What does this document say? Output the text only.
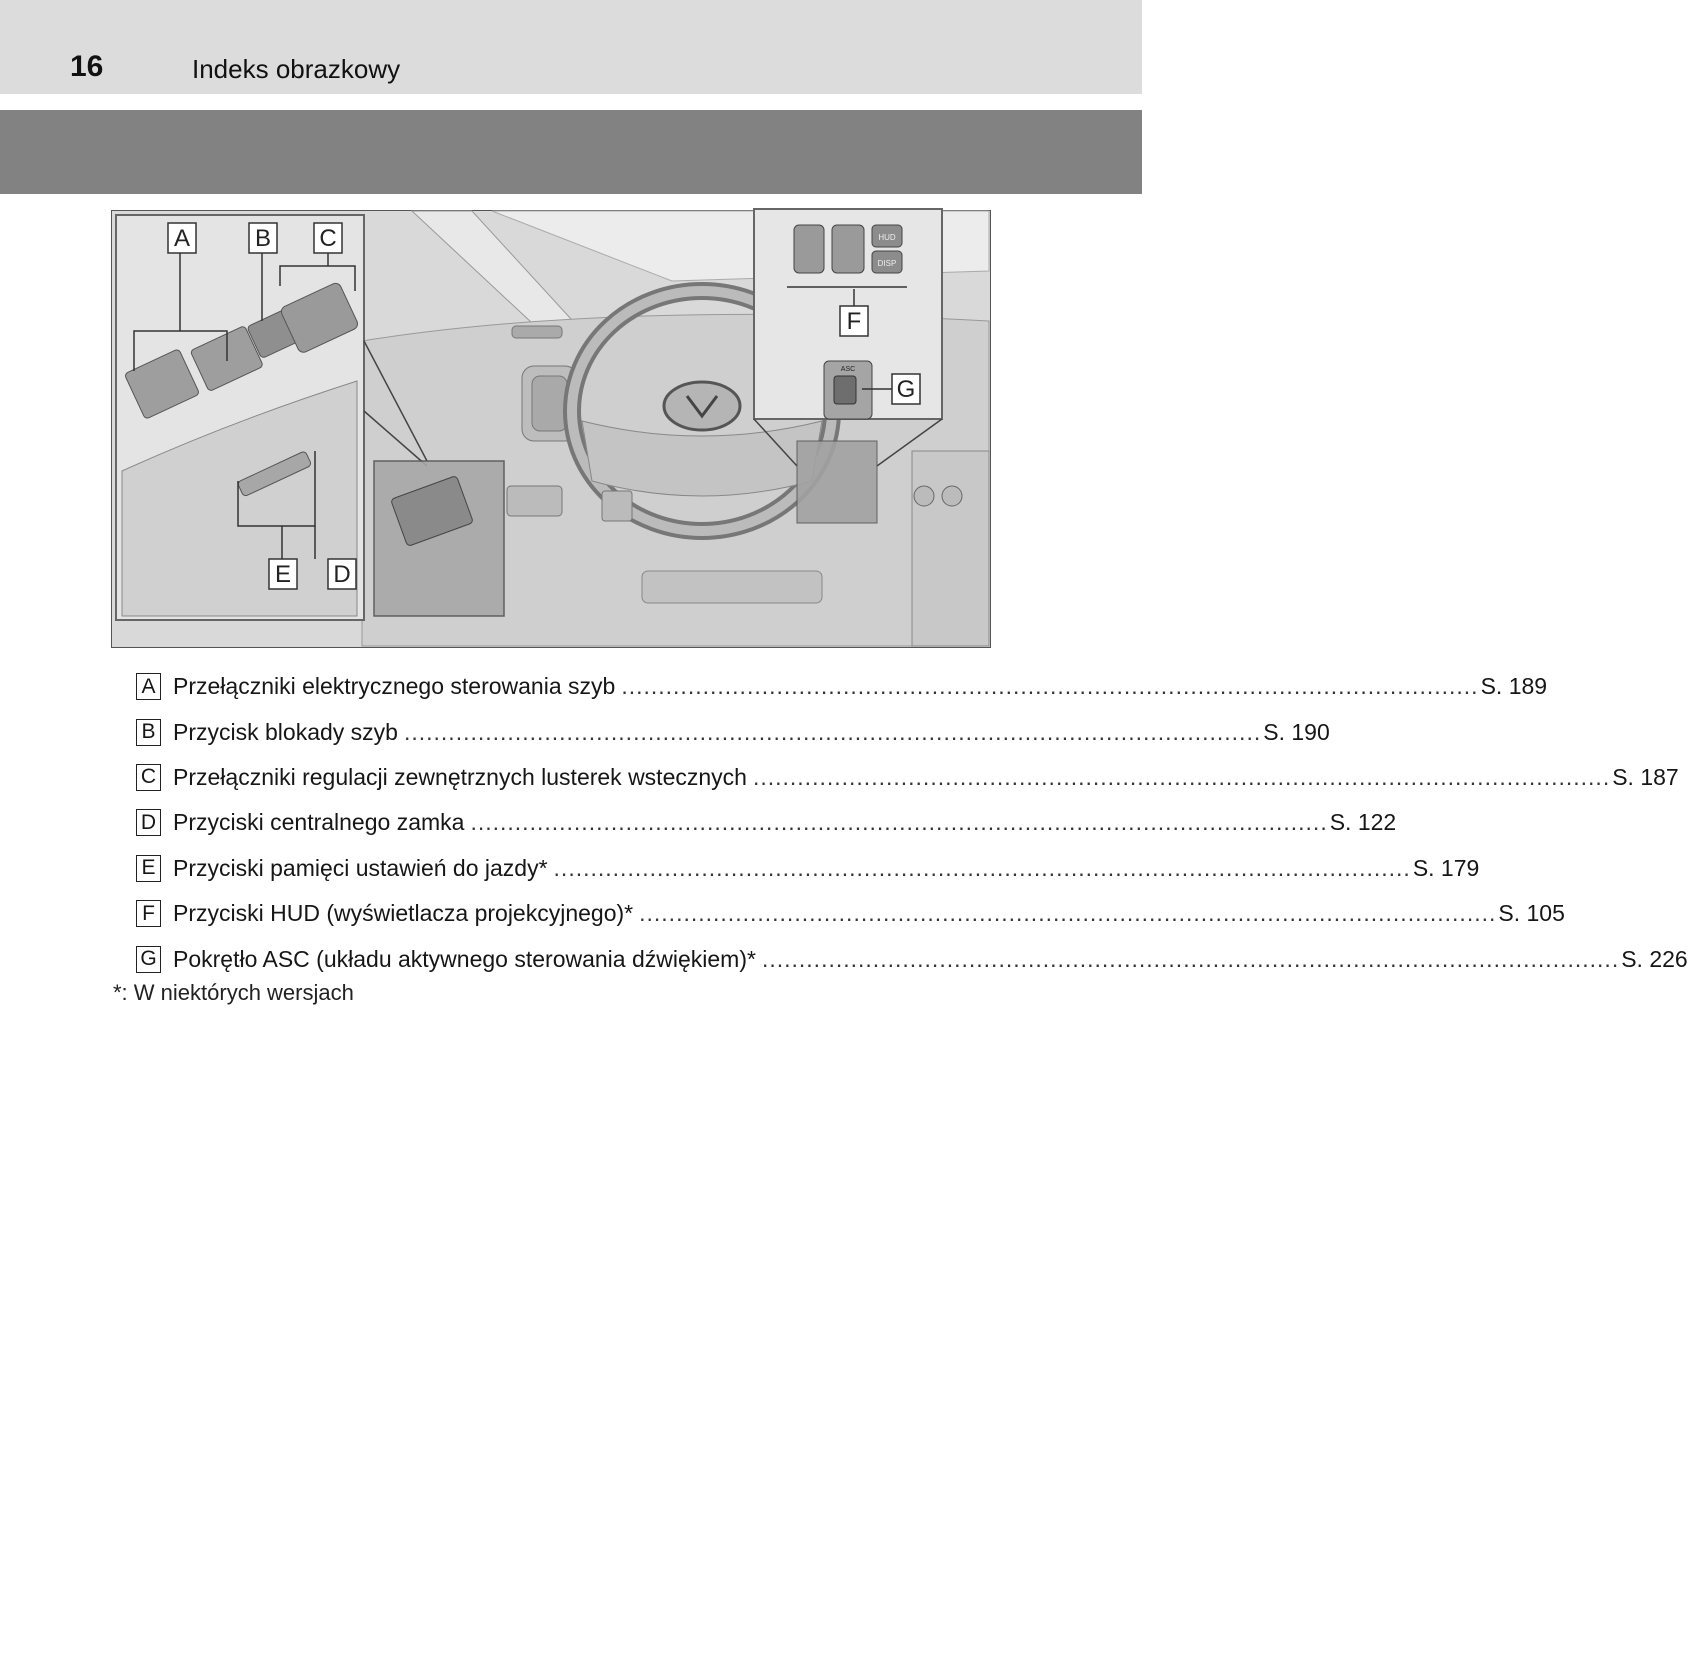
16	Indeks obrazkowy
HUD
DISP
ASC
A	B C
D
E
F
G
A Przełączniki elektrycznego sterowania szyb .................................................................................................................... S. 189
B Przycisk blokady szyb .................................................................................................................... S. 190
C Przełączniki regulacji zewnętrznych lusterek wstecznych .................................................................................................................... S. 187
D Przyciski centralnego zamka .................................................................................................................... S. 122
E Przyciski pamięci ustawień do jazdy* .................................................................................................................... S. 179
F Przyciski HUD (wyświetlacza projekcyjnego)* .................................................................................................................... S. 105
G Pokrętło ASC (układu aktywnego sterowania dźwiękiem)* .................................................................................................................... S. 226
*: W niektórych wersjach
